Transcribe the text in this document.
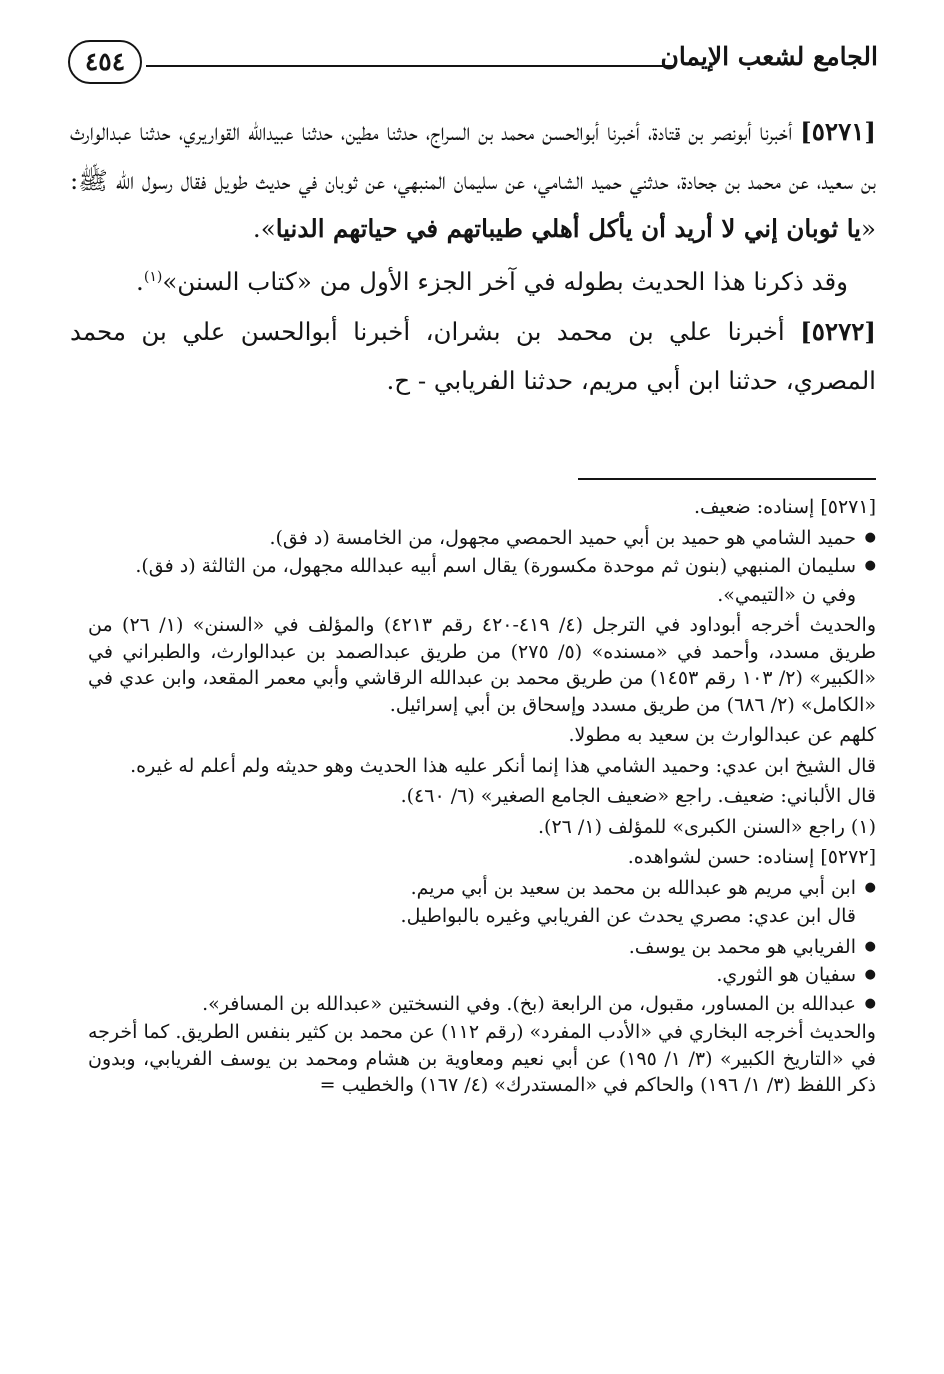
الجامع لشعب الإيمان
٤٥٤

[٥٢٧١] أخبرنا أبونصر بن قتادة، أخبرنا أبوالحسن محمد بن السراج، حدثنا مطين، حدثنا عبيدالله القواريري، حدثنا عبدالوارث بن سعيد، عن محمد بن جحادة، حدثني حميد الشامي، عن سليمان المنبهي، عن ثوبان في حديث طويل فقال رسول الله ﷺ: «يا ثوبان إني لا أريد أن يأكل أهلي طيباتهم في حياتهم الدنيا».

وقد ذكرنا هذا الحديث بطوله في آخر الجزء الأول من «كتاب السنن»$^{(١)}$.

[٥٢٧٢] أخبرنا علي بن محمد بن بشران، أخبرنا أبوالحسن علي بن محمد المصري، حدثنا ابن أبي مريم، حدثنا الفريابي - ح.

[٥٢٧١] إسناده: ضعيف.

● حميد الشامي هو حميد بن أبي حميد الحمصي مجهول، من الخامسة (د فق).

● سليمان المنبهي (بنون ثم موحدة مكسورة) يقال اسم أبيه عبدالله مجهول، من الثالثة (د فق).

وفي ن «التيمي».

والحديث أخرجه أبوداود في الترجل (٤/ ٤١٩-٤٢٠ رقم ٤٢١٣) والمؤلف في «السنن» (١/ ٢٦) من طريق مسدد، وأحمد في «مسنده» (٥/ ٢٧٥) من طريق عبدالصمد بن عبدالوارث، والطبراني في «الكبير» (٢/ ١٠٣ رقم ١٤٥٣) من طريق محمد بن عبدالله الرقاشي وأبي معمر المقعد، وابن عدي في «الكامل» (٢/ ٦٨٦) من طريق مسدد وإسحاق بن أبي إسرائيل.

كلهم عن عبدالوارث بن سعيد به مطولا.

قال الشيخ ابن عدي: وحميد الشامي هذا إنما أنكر عليه هذا الحديث وهو حديثه ولم أعلم له غيره.

قال الألباني: ضعيف. راجع «ضعيف الجامع الصغير» (٦/ ٤٦٠).

(١) راجع «السنن الكبرى» للمؤلف (١/ ٢٦).

[٥٢٧٢] إسناده: حسن لشواهده.

● ابن أبي مريم هو عبدالله بن محمد بن سعيد بن أبي مريم.

قال ابن عدي: مصري يحدث عن الفريابي وغيره بالبواطيل.

● الفريابي هو محمد بن يوسف.

● سفيان هو الثوري.

● عبدالله بن المساور، مقبول، من الرابعة (بخ). وفي النسختين «عبدالله بن المسافر».

والحديث أخرجه البخاري في «الأدب المفرد» (رقم ١١٢) عن محمد بن كثير بنفس الطريق. كما أخرجه في «التاريخ الكبير» (٣/ ١/ ١٩٥) عن أبي نعيم ومعاوية بن هشام ومحمد بن يوسف الفريابي، وبدون ذكر اللفظ (٣/ ١/ ١٩٦) والحاكم في «المستدرك» (٤/ ١٦٧) والخطيب =
